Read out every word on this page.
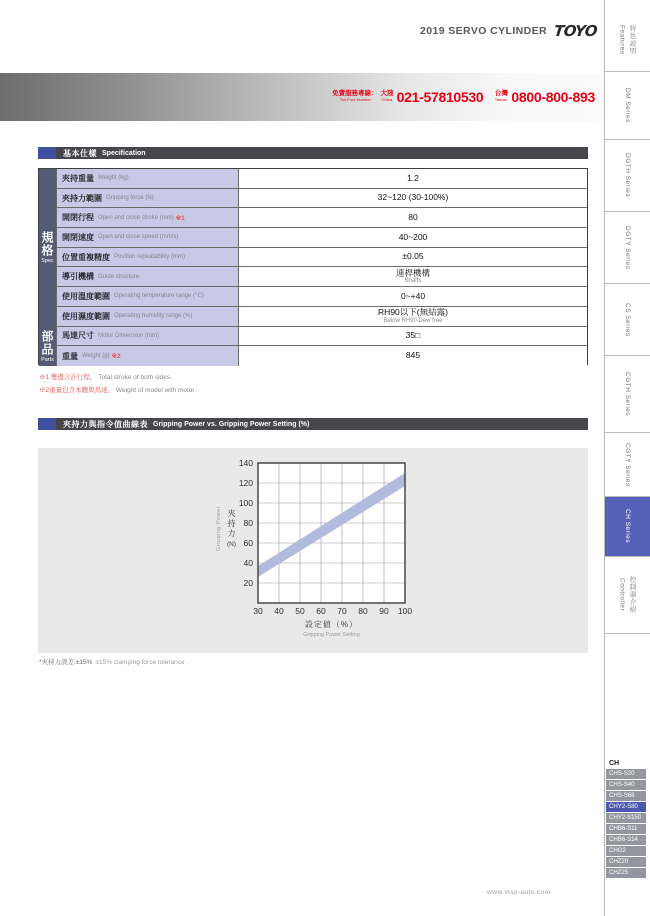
2019 SERVO CYLINDER TOYO
免費服務專線：
Toll-Free Number
大陸
China 021-57810530 台灣
Taiwan 0800-800-893
基本仕樣 Specification
夾持重量 Weight (kg)	1.2
夾持力範圍 Gripping force (N)	32~120 (30-100%)
開閉行程 Open and close stroke (mm) ※1	80
開閉速度 Open and close speed (mm/s)	40~200
位置重複精度 Position repeatability (mm)	±0.05
導引機構 Guide structure	連桿機構
Shafts
使用溫度範圍 Operating temperature range (°C)	0~+40
使用濕度範圍 Operating humidity range (%)	RH90以下(無結露)
Below RH90 Dew free
馬達尺寸 Motor Dimension (mm)	35□
重量 Weight (g) ※2	845
規格
Spec
部品
Parts
※1 雙邊合計行程。 Total stroke of both sides.
※2重量包含本體與馬達。 Weight of model with motor.
夾持力與指令值曲線表 Gripping Power vs. Gripping Power Setting (%)
20
40
60
80
100
120
140
30 40 50 60 70 80 90 100
Gripping Power 夾持力
(N)
設定値（%）
Gripping Power Setting
*夾持力誤差:±15% ±15% clamping force tolerance .
Features 特色說明
DM Series
DGTH Series
DGTY Series
CS Series
CGTH Series
CGTY Series
CH Series
Controller 控制器介紹
CH
CHS-S20
CHS-S40
CHS-S68
CHY2-S80
CHY2-S150
CHB6-S11
CHB6-S14
CHG2
CHZ20
CHZ25
www.viso-auto.com
